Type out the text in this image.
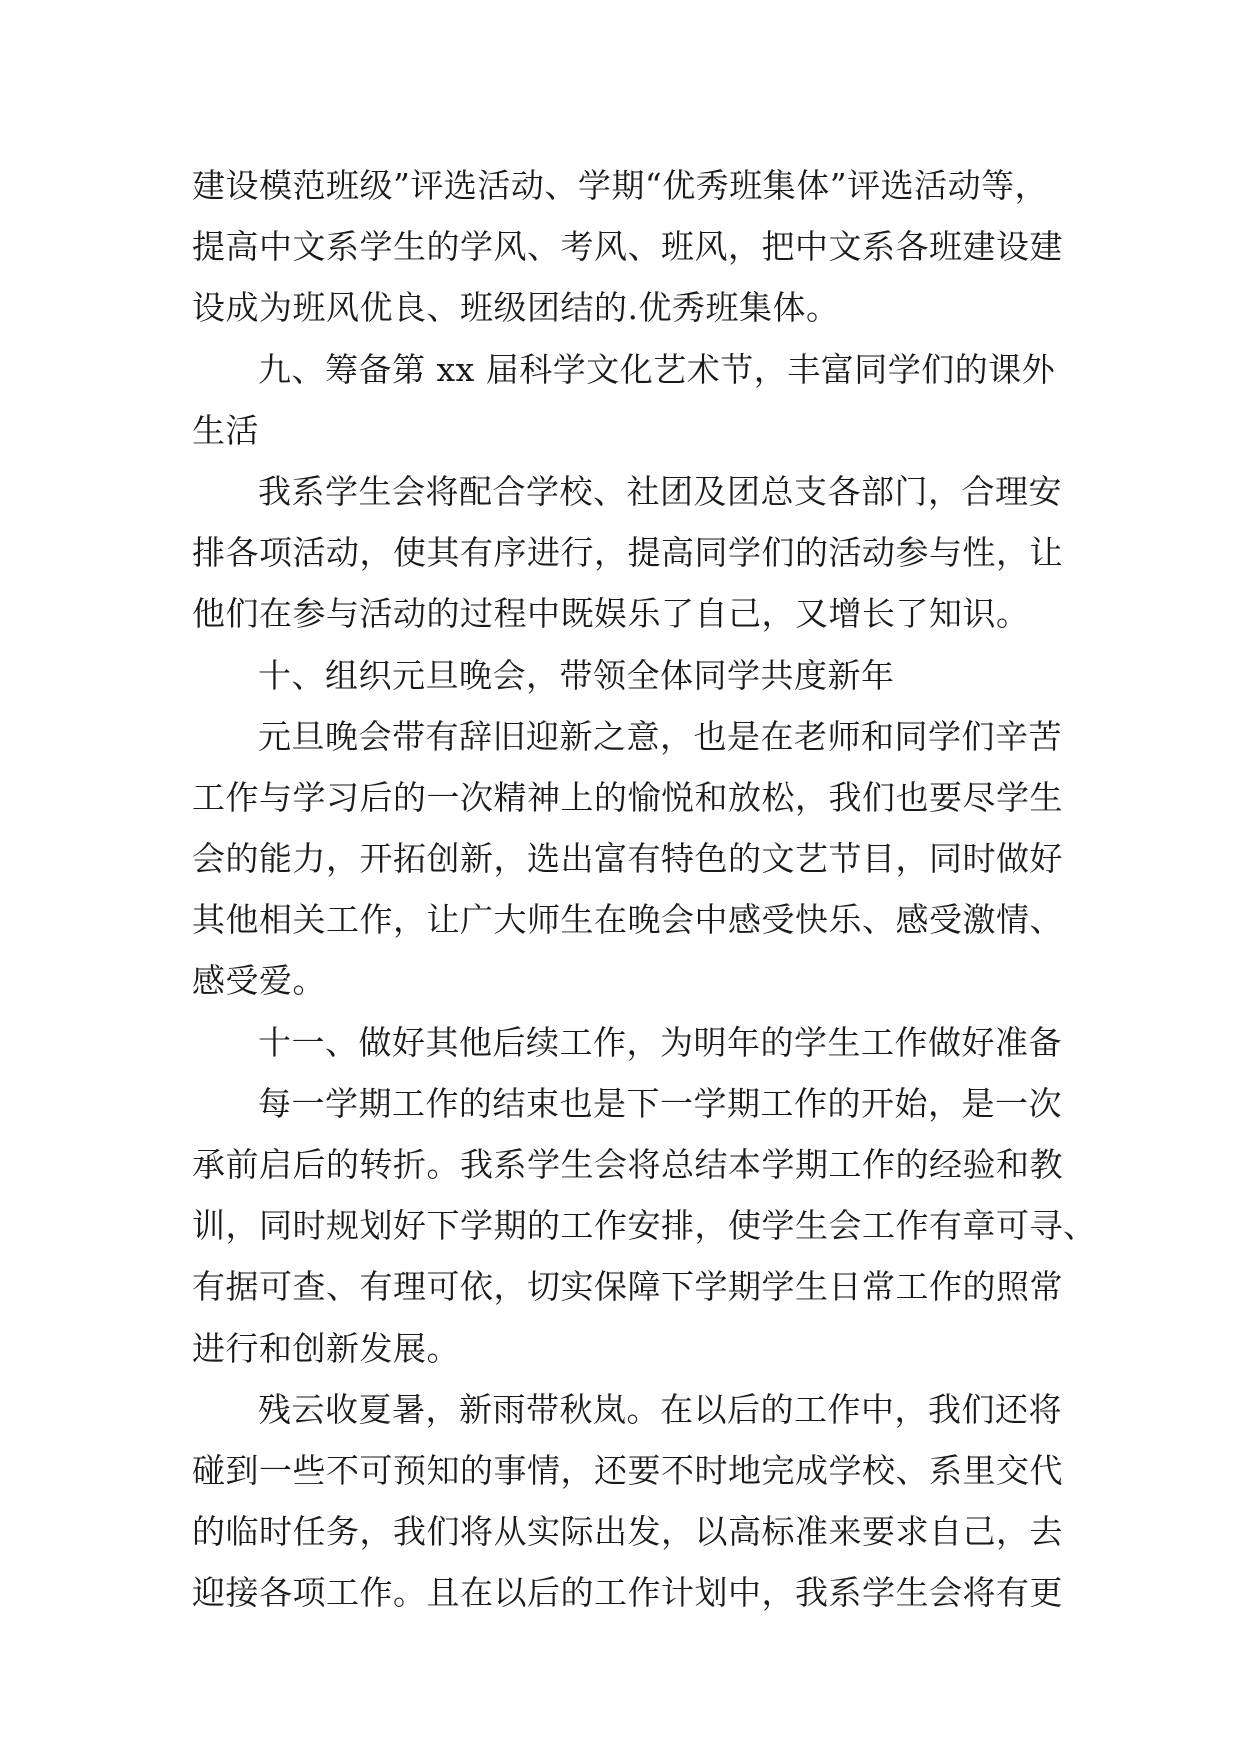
建设模范班级”评选活动、学期“优秀班集体”评选活动等，
提高中文系学生的学风、考风、班风，把中文系各班建设建
设成为班风优良、班级团结的.优秀班集体。
九、筹备第 xx 届科学文化艺术节，丰富同学们的课外
生活
我系学生会将配合学校、社团及团总支各部门，合理安
排各项活动，使其有序进行，提高同学们的活动参与性，让
他们在参与活动的过程中既娱乐了自己，又增长了知识。
十、组织元旦晚会，带领全体同学共度新年
元旦晚会带有辞旧迎新之意，也是在老师和同学们辛苦
工作与学习后的一次精神上的愉悦和放松，我们也要尽学生
会的能力，开拓创新，选出富有特色的文艺节目，同时做好
其他相关工作，让广大师生在晚会中感受快乐、感受激情、
感受爱。
十一、做好其他后续工作，为明年的学生工作做好准备
每一学期工作的结束也是下一学期工作的开始，是一次
承前启后的转折。我系学生会将总结本学期工作的经验和教
训，同时规划好下学期的工作安排，使学生会工作有章可寻、
有据可查、有理可依，切实保障下学期学生日常工作的照常
进行和创新发展。
残云收夏暑，新雨带秋岚。在以后的工作中，我们还将
碰到一些不可预知的事情，还要不时地完成学校、系里交代
的临时任务，我们将从实际出发，以高标准来要求自己，去
迎接各项工作。且在以后的工作计划中，我系学生会将有更
